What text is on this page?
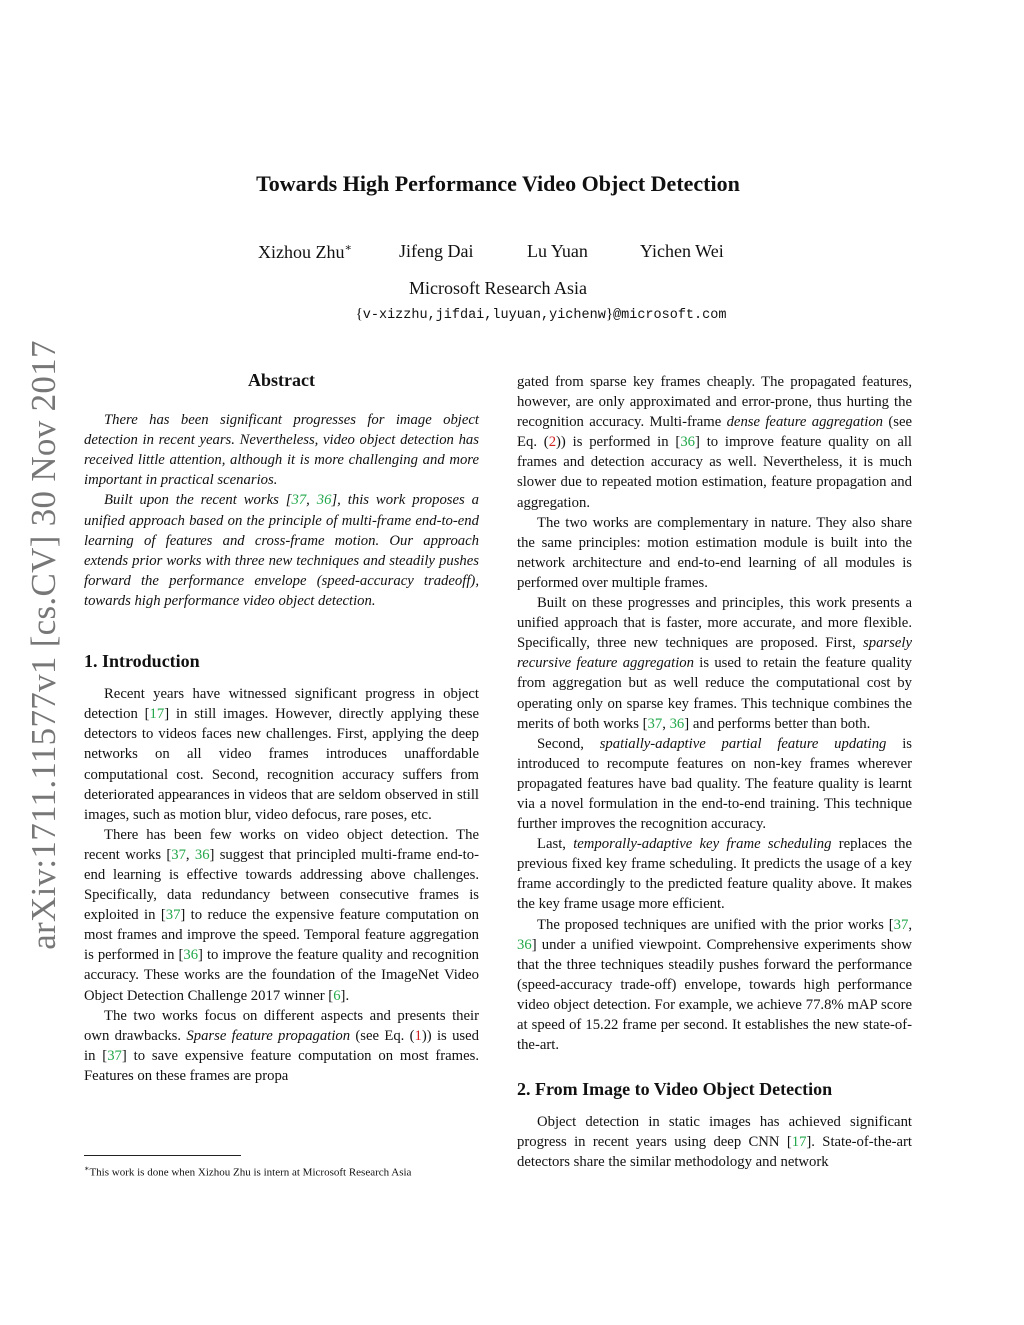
arXiv:1711.11577v1 [cs.CV] 30 Nov 2017
Towards High Performance Video Object Detection
Xizhou Zhu∗	Jifeng Dai	Lu Yuan	Yichen Wei
Microsoft Research Asia
{v-xizzhu,jifdai,luyuan,yichenw}@microsoft.com
Abstract

There has been significant progresses for image object detection in recent years. Nevertheless, video object detection has received little attention, although it is more challenging and more important in practical scenarios.

Built upon the recent works [37, 36], this work proposes a unified approach based on the principle of multi-frame end-to-end learning of features and cross-frame motion. Our approach extends prior works with three new techniques and steadily pushes forward the performance envelope (speed-accuracy tradeoff), towards high performance video object detection.

1. Introduction

Recent years have witnessed significant progress in object detection [17] in still images. However, directly applying these detectors to videos faces new challenges. First, applying the deep networks on all video frames introduces unaffordable computational cost. Second, recognition accuracy suffers from deteriorated appearances in videos that are seldom observed in still images, such as motion blur, video defocus, rare poses, etc.

There has been few works on video object detection. The recent works [37, 36] suggest that principled multi-frame end-to-end learning is effective towards addressing above challenges. Specifically, data redundancy between consecutive frames is exploited in [37] to reduce the expensive feature computation on most frames and improve the speed. Temporal feature aggregation is performed in [36] to improve the feature quality and recognition accuracy. These works are the foundation of the ImageNet Video Object Detection Challenge 2017 winner [6].

The two works focus on different aspects and presents their own drawbacks. Sparse feature propagation (see Eq. (1)) is used in [37] to save expensive feature computation on most frames. Features on these frames are propa

∗This work is done when Xizhou Zhu is intern at Microsoft Research Asia

gated from sparse key frames cheaply. The propagated features, however, are only approximated and error-prone, thus hurting the recognition accuracy. Multi-frame dense feature aggregation (see Eq. (2)) is performed in [36] to improve feature quality on all frames and detection accuracy as well. Nevertheless, it is much slower due to repeated motion estimation, feature propagation and aggregation.

The two works are complementary in nature. They also share the same principles: motion estimation module is built into the network architecture and end-to-end learning of all modules is performed over multiple frames.

Built on these progresses and principles, this work presents a unified approach that is faster, more accurate, and more flexible. Specifically, three new techniques are proposed. First, sparsely recursive feature aggregation is used to retain the feature quality from aggregation but as well reduce the computational cost by operating only on sparse key frames. This technique combines the merits of both works [37, 36] and performs better than both.

Second, spatially-adaptive partial feature updating is introduced to recompute features on non-key frames wherever propagated features have bad quality. The feature quality is learnt via a novel formulation in the end-to-end training. This technique further improves the recognition accuracy.

Last, temporally-adaptive key frame scheduling replaces the previous fixed key frame scheduling. It predicts the usage of a key frame accordingly to the predicted feature quality above. It makes the key frame usage more efficient.

The proposed techniques are unified with the prior works [37, 36] under a unified viewpoint. Comprehensive experiments show that the three techniques steadily pushes forward the performance (speed-accuracy trade-off) envelope, towards high performance video object detection. For example, we achieve 77.8% mAP score at speed of 15.22 frame per second. It establishes the new state-of-the-art.

2. From Image to Video Object Detection

Object detection in static images has achieved significant progress in recent years using deep CNN [17]. State-of-the-art detectors share the similar methodology and network
